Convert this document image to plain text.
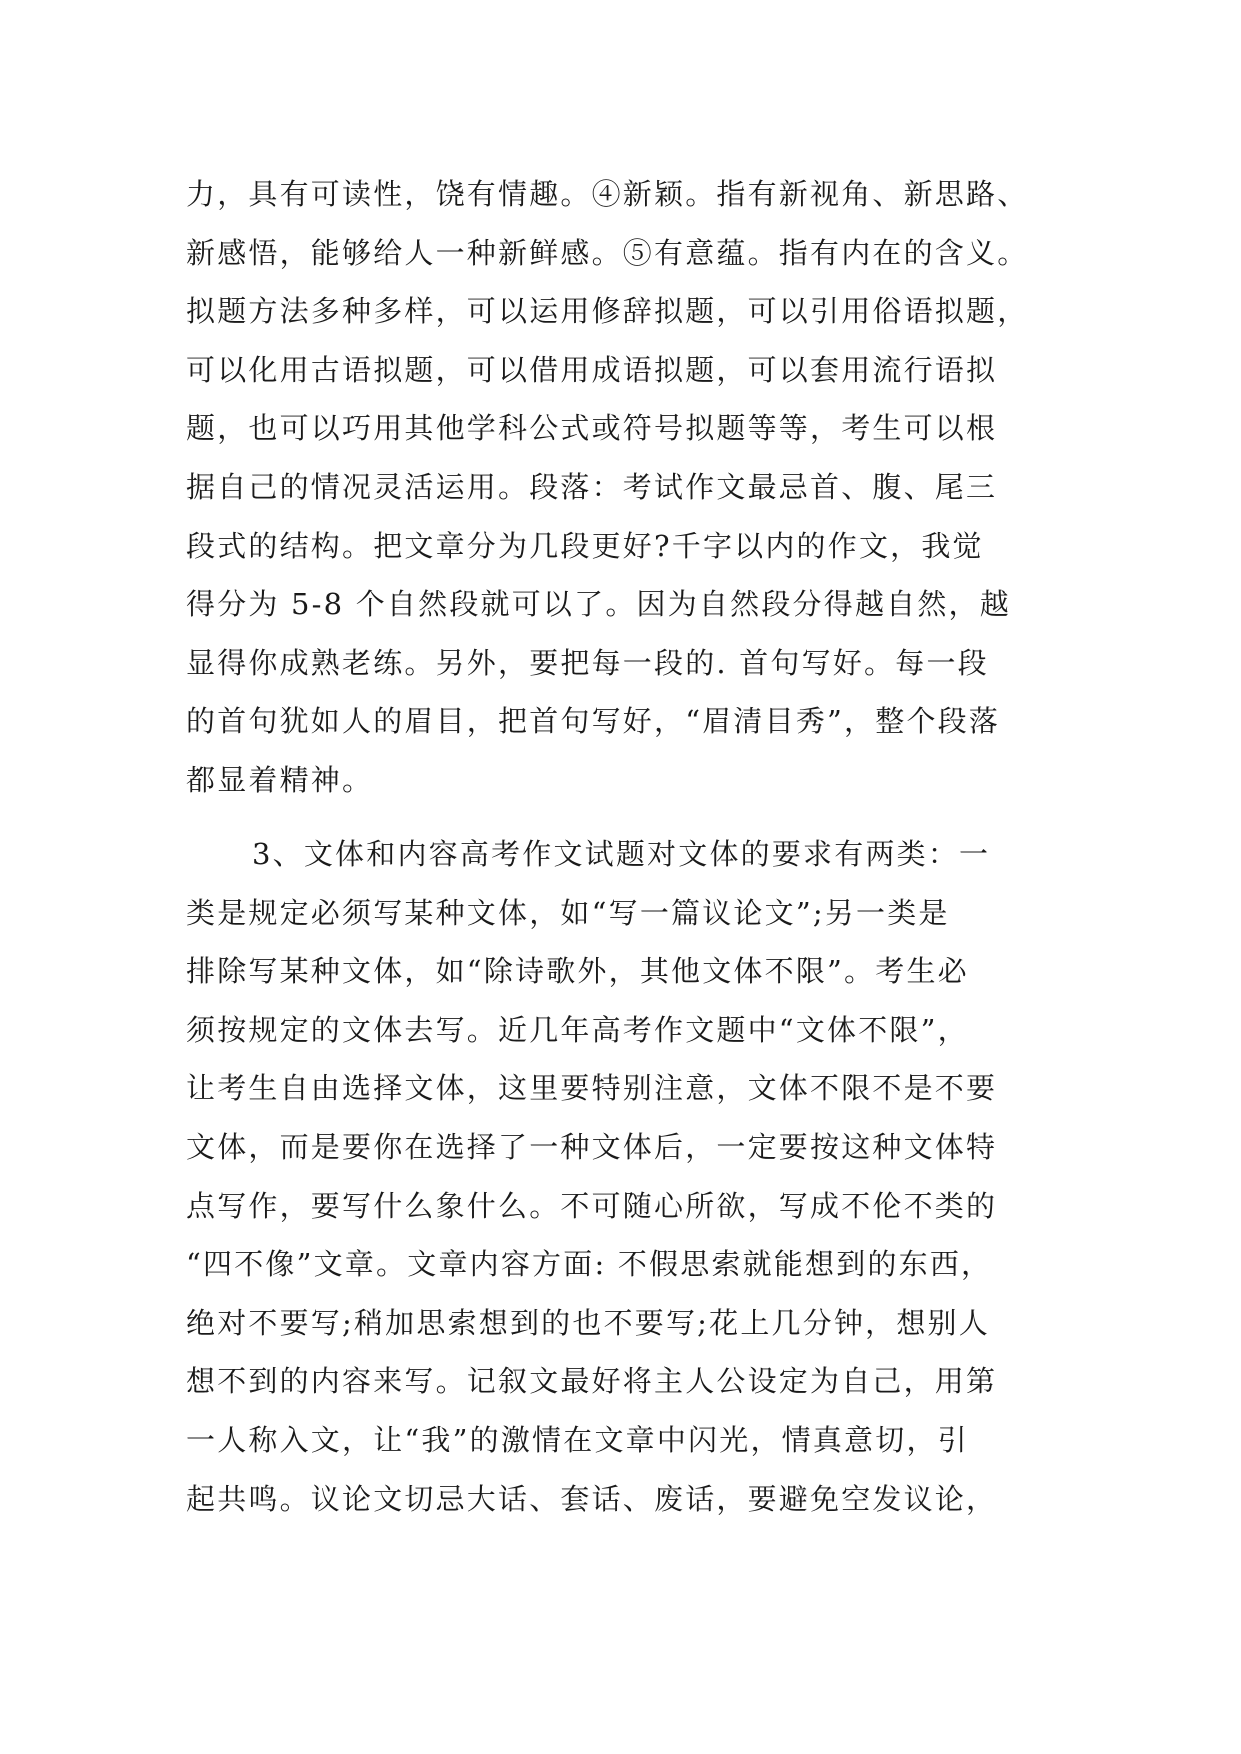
力，具有可读性，饶有情趣。④新颖。指有新视角、新思路、
新感悟，能够给人一种新鲜感。⑤有意蕴。指有内在的含义。
拟题方法多种多样，可以运用修辞拟题，可以引用俗语拟题，
可以化用古语拟题，可以借用成语拟题，可以套用流行语拟
题，也可以巧用其他学科公式或符号拟题等等，考生可以根
据自己的情况灵活运用。段落：考试作文最忌首、腹、尾三
段式的结构。把文章分为几段更好?千字以内的作文，我觉
得分为 5-8 个自然段就可以了。因为自然段分得越自然，越
显得你成熟老练。另外，要把每一段的. 首句写好。每一段
的首句犹如人的眉目，把首句写好，“眉清目秀”，整个段落
都显着精神。
3、文体和内容高考作文试题对文体的要求有两类：一
类是规定必须写某种文体，如“写一篇议论文”;另一类是
排除写某种文体，如“除诗歌外，其他文体不限”。考生必
须按规定的文体去写。近几年高考作文题中“文体不限”，
让考生自由选择文体，这里要特别注意，文体不限不是不要
文体，而是要你在选择了一种文体后，一定要按这种文体特
点写作，要写什么象什么。不可随心所欲，写成不伦不类的
“四不像”文章。文章内容方面: 不假思索就能想到的东西，
绝对不要写;稍加思索想到的也不要写;花上几分钟，想别人
想不到的内容来写。记叙文最好将主人公设定为自己，用第
一人称入文，让“我”的激情在文章中闪光，情真意切，引
起共鸣。议论文切忌大话、套话、废话，要避免空发议论，
